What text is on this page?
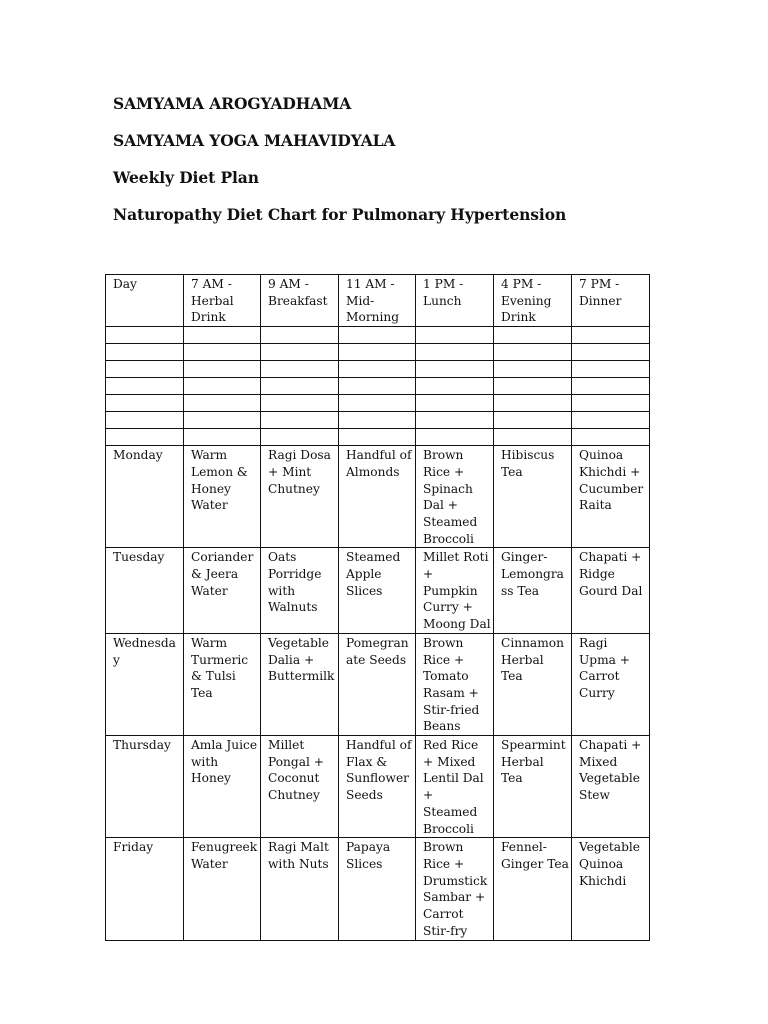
SAMYAMA AROGYADHAMA
SAMYAMA YOGA MAHAVIDYALA
Weekly Diet Plan
Naturopathy Diet Chart for Pulmonary Hypertension
Day	7 AM - Herbal Drink	9 AM - Breakfast	11 AM - Mid-Morning	1 PM - Lunch	4 PM - Evening Drink	7 PM - Dinner

Monday	Warm Lemon & Honey Water	Ragi Dosa + Mint Chutney	Handful of Almonds	Brown Rice + Spinach Dal + Steamed Broccoli	Hibiscus Tea	Quinoa Khichdi + Cucumber Raita
Tuesday	Coriander & Jeera Water	Oats Porridge with Walnuts	Steamed Apple Slices	Millet Roti + Pumpkin Curry + Moong Dal	Ginger-Lemongrass Tea	Chapati + Ridge Gourd Dal
Wednesday	Warm Turmeric & Tulsi Tea	Vegetable Dalia + Buttermilk	Pomegranate Seeds	Brown Rice + Tomato Rasam + Stir-fried Beans	Cinnamon Herbal Tea	Ragi Upma + Carrot Curry
Thursday	Amla Juice with Honey	Millet Pongal + Coconut Chutney	Handful of Flax & Sunflower Seeds	Red Rice + Mixed Lentil Dal + Steamed Broccoli	Spearmint Herbal Tea	Chapati + Mixed Vegetable Stew
Friday	Fenugreek Water	Ragi Malt with Nuts	Papaya Slices	Brown Rice + Drumstick Sambar + Carrot Stir-fry	Fennel-Ginger Tea	Vegetable Quinoa Khichdi
